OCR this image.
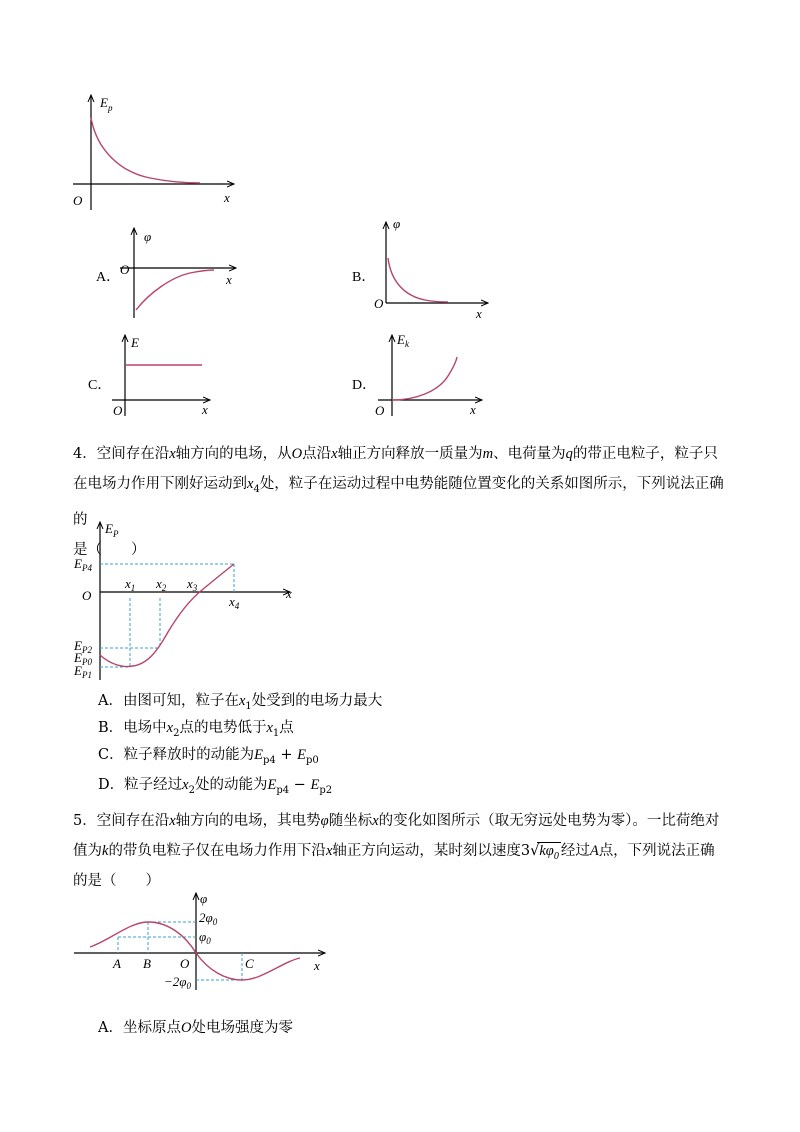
$E_p$
O	x
φ
O
x
φ
O
x
E
O	x
$E_k$
O	x
$E_P$
O	x
$x_1$ $x_2$ $x_3$
$x_4$
$E_{P4}$
$E_{P2}$
$E_{P0}$
$E_{P1}$
φ
O	x
A B	C
$2\varphi_0$
$\varphi_0$
$-2\varphi_0$
A．	B．
C．	D．
4．空间存在沿x轴方向的电场，从O点沿x轴正方向释放一质量为m、电荷量为q的带正电粒子，粒子只
在电场力作用下刚好运动到$x_4$处，粒子在运动过程中电势能随位置变化的关系如图所示，下列说法正确的
是（　　）
A．由图可知，粒子在$x_1$处受到的电场力最大
B．电场中$x_2$点的电势低于$x_1$点
C．粒子释放时的动能为$E_{p4} + E_{p0}$
D．粒子经过$x_2$处的动能为$E_{p4} - E_{p2}$
5．空间存在沿x轴方向的电场，其电势φ随坐标x的变化如图所示（取无穷远处电势为零）。一比荷绝对
值为k的带负电粒子仅在电场力作用下沿x轴正方向运动，某时刻以速度$3√k\varphi_0$ 经过A点，下列说法正确
的是（　　）
A．坐标原点O处电场强度为零
